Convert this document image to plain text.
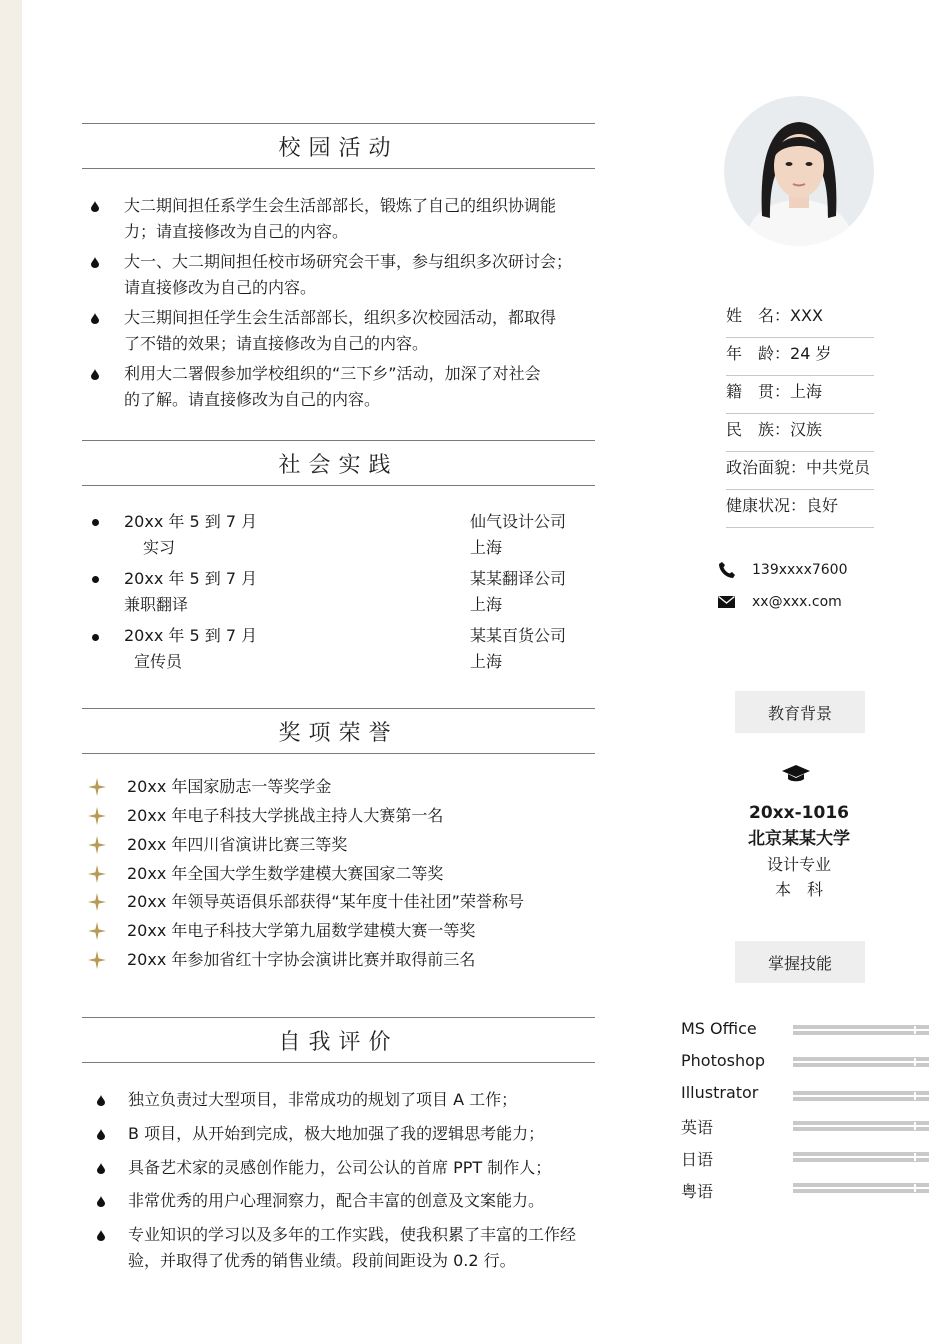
校园活动
大二期间担任系学生会生活部部长，锻炼了自己的组织协调能
力；请直接修改为自己的内容。
大一、大二期间担任校市场研究会干事，参与组织多次研讨会；
请直接修改为自己的内容。
大三期间担任学生会生活部部长，组织多次校园活动，都取得
了不错的效果；请直接修改为自己的内容。
利用大二署假参加学校组织的“三下乡”活动，加深了对社会
的了解。请直接修改为自己的内容。
社会实践
20xx 年 5 到 7 月
实习
仙气设计公司
上海
20xx 年 5 到 7 月
兼职翻译
某某翻译公司
上海
20xx 年 5 到 7 月
宣传员
某某百货公司
上海
奖项荣誉
20xx 年国家励志一等奖学金
20xx 年电子科技大学挑战主持人大赛第一名
20xx 年四川省演讲比赛三等奖
20xx 年全国大学生数学建模大赛国家二等奖
20xx 年领导英语俱乐部获得“某年度十佳社团”荣誉称号
20xx 年电子科技大学第九届数学建模大赛一等奖
20xx 年参加省红十字协会演讲比赛并取得前三名
自我评价
独立负责过大型项目，非常成功的规划了项目 A 工作；
B 项目，从开始到完成，极大地加强了我的逻辑思考能力；
具备艺术家的灵感创作能力，公司公认的首席 PPT 制作人；
非常优秀的用户心理洞察力，配合丰富的创意及文案能力。
专业知识的学习以及多年的工作实践，使我积累了丰富的工作经
验，并取得了优秀的销售业绩。段前间距设为 0.2 行。
姓　名：XXX
年　龄：24 岁
籍　贯：上海
民　族：汉族
政治面貌：中共党员
健康状况：良好
139xxxx7600
xx@xxx.com
教育背景
20xx-1016
北京某某大学
设计专业
本　科
掌握技能
MS Office
Photoshop
Illustrator
英语
日语
粤语
